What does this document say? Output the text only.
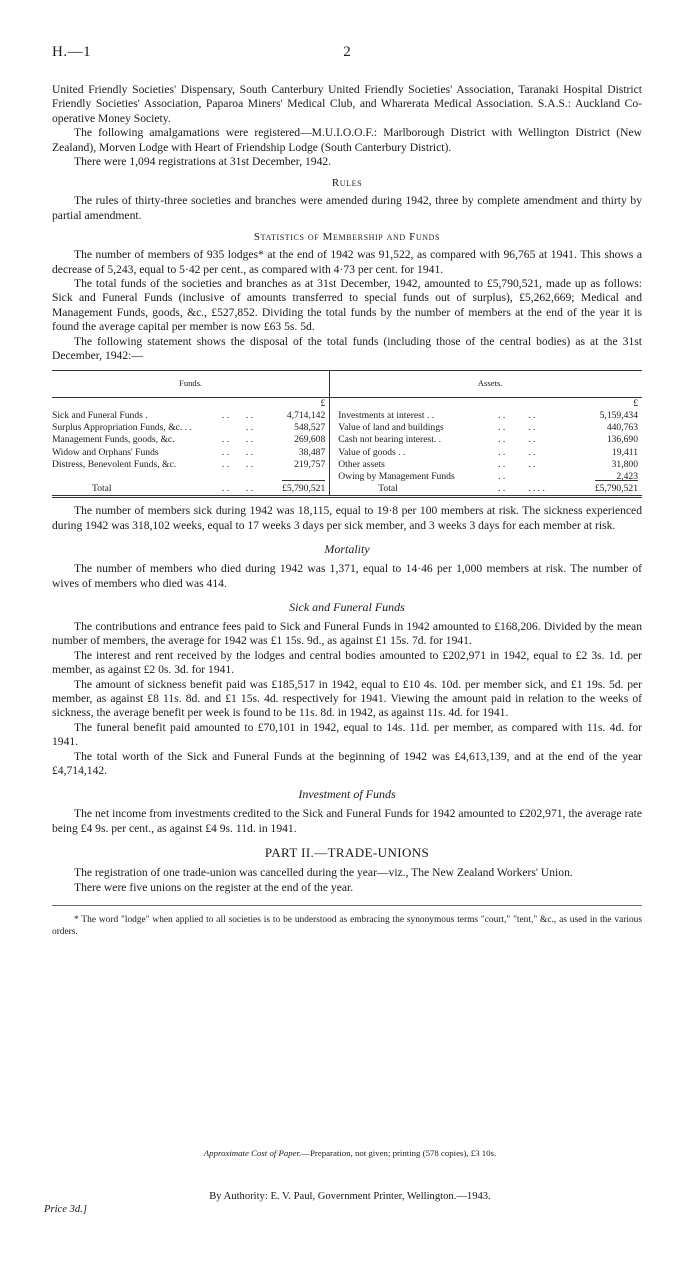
H.—1	2

United Friendly Societies' Dispensary, South Canterbury United Friendly Societies' Association, Taranaki Hospital District Friendly Societies' Association, Paparoa Miners' Medical Club, and Wharerata Medical Association. S.A.S.: Auckland Co-operative Money Society.

The following amalgamations were registered—M.U.I.O.O.F.: Marlborough District with Wellington District (New Zealand), Morven Lodge with Heart of Friendship Lodge (South Canterbury District).

There were 1,094 registrations at 31st December, 1942.

Rules

The rules of thirty-three societies and branches were amended during 1942, three by complete amendment and thirty by partial amendment.

Statistics of Membership and Funds

The number of members of 935 lodges* at the end of 1942 was 91,522, as compared with 96,765 at 1941. This shows a decrease of 5,243, equal to 5·42 per cent., as compared with 4·73 per cent. for 1941.

The total funds of the societies and branches as at 31st December, 1942, amounted to £5,790,521, made up as follows: Sick and Funeral Funds (inclusive of amounts transferred to special funds out of surplus), £5,262,669; Medical and Management Funds, goods, &c., £527,852. Dividing the total funds by the number of members at the end of the year it is found the average capital per member is now £63 5s. 5d.

The following statement shows the disposal of the total funds (including those of the central bodies) as at the 31st December, 1942:—

Funds.					Assets.			
			£					£
Sick and Funeral Funds .	. .	. .	4,714,142		Investments at interest . .	. .	. .	5,159,434
Surplus Appropriation Funds, &c. . .		. .	548,527		Value of land and buildings	. .	. .	440,763
Management Funds, goods, &c.	. .	. .	269,608		Cash not bearing interest. .	. .	. .	136,690
Widow and Orphans' Funds	. .	. .	38,487		Value of goods . .	. .	. .	19,411
Distress, Benevolent Funds, &c.	. .	. .	219,757		Other assets	. .	. .	31,800
					Owing by Management Funds	. .		2,423
Total	. .	. .	£5,790,521		Total	. .	. . . .	£5,790,521

The number of members sick during 1942 was 18,115, equal to 19·8 per 100 members at risk. The sickness experienced during 1942 was 318,102 weeks, equal to 17 weeks 3 days per sick member, and 3 weeks 3 days for each member at risk.

Mortality

The number of members who died during 1942 was 1,371, equal to 14·46 per 1,000 members at risk. The number of wives of members who died was 414.

Sick and Funeral Funds

The contributions and entrance fees paid to Sick and Funeral Funds in 1942 amounted to £168,206. Divided by the mean number of members, the average for 1942 was £1 15s. 9d., as against £1 15s. 7d. for 1941.

The interest and rent received by the lodges and central bodies amounted to £202,971 in 1942, equal to £2 3s. 1d. per member, as against £2 0s. 3d. for 1941.

The amount of sickness benefit paid was £185,517 in 1942, equal to £10 4s. 10d. per member sick, and £1 19s. 5d. per member, as against £8 11s. 8d. and £1 15s. 4d. respectively for 1941. Viewing the amount paid in relation to the weeks of sickness, the average benefit per week is found to be 11s. 8d. in 1942, as against 11s. 4d. for 1941.

The funeral benefit paid amounted to £70,101 in 1942, equal to 14s. 11d. per member, as compared with 11s. 4d. for 1941.

The total worth of the Sick and Funeral Funds at the beginning of 1942 was £4,613,139, and at the end of the year £4,714,142.

Investment of Funds

The net income from investments credited to the Sick and Funeral Funds for 1942 amounted to £202,971, the average rate being £4 9s. per cent., as against £4 9s. 11d. in 1941.

PART II.—TRADE-UNIONS

The registration of one trade-union was cancelled during the year—viz., The New Zealand Workers' Union.

There were five unions on the register at the end of the year.

* The word "lodge" when applied to all societies is to be understood as embracing the synonymous terms "court," "tent," &c., as used in the various orders.

Approximate Cost of Paper.—Preparation, not given; printing (578 copies), £3 10s.
By Authority: E. V. Paul, Government Printer, Wellington.—1943.
Price 3d.]
